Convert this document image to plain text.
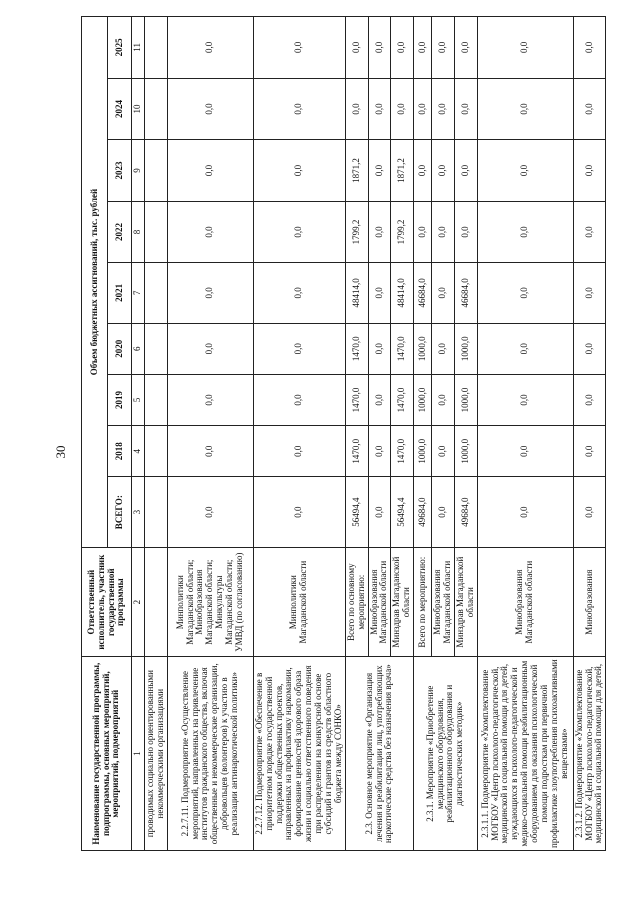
30
Наименование государственной программы, подпрограммы, основных мероприятий, мероприятий, подмероприятий	Ответственный исполнитель, участник государственной программы	Объем бюджетных ассигнований, тыс. рублей								
		ВСЕГО:	2018	2019	2020	2021	2022	2023	2024	2025
1	2	3	4	5	6	7	8	9	10	11
проводимых социально ориентированными некоммерческими организациями										
2.2.7.11. Подмероприятие «Осуществление мероприятий, направленных на привлечение институтов гражданского общества, включая общественные и некоммерческие организации, добровольцев (волонтеров) к участию в реализации антинаркотической политики»	Минполитики Магаданской области; Минобразования Магаданской области; Минкультуры Магаданской области; УМВД (по согласованию)	0,0	0,0	0,0	0,0	0,0	0,0	0,0	0,0	0,0
2.2.7.12. Подмероприятие «Обеспечение в приоритетном порядке государственной поддержки общественных проектов, направленных на профилактику наркомании, формирование ценностей здорового образа жизни и социально ответственного поведения при распределении на конкурсной основе субсидий и грантов из средств областного бюджета между СОНКО»	Минполитики Магаданской области	0,0	0,0	0,0	0,0	0,0	0,0	0,0	0,0	0,0
2.3. Основное мероприятие «Организация лечения и реабилитации лиц, употребляющих наркотические средства без назначения врача»	Всего по основному мероприятию:	56494,4	1470,0	1470,0	1470,0	48414,0	1799,2	1871,2	0,0	0,0
	Минобразования Магаданской области	0,0	0,0	0,0	0,0	0,0	0,0	0,0	0,0	0,0
	Минздрав Магаданской области	56494,4	1470,0	1470,0	1470,0	48414,0	1799,2	1871,2	0,0	0,0
2.3.1. Мероприятие «Приобретение медицинского оборудования, реабилитационного оборудования и диагностических методик»	Всего по мероприятию:	49684,0	1000,0	1000,0	1000,0	46684,0	0,0	0,0	0,0	0,0
	Минобразования Магаданской области	0,0	0,0	0,0	0,0	0,0	0,0	0,0	0,0	0,0
	Минздрав Магаданской области	49684,0	1000,0	1000,0	1000,0	46684,0	0,0	0,0	0,0	0,0
2.3.1.1. Подмероприятие «Укомплектование МОГБОУ «Центр психолого-педагогической, медицинской и социальной помощи для детей, нуждающихся в психолого-педагогической и медико-социальной помощи реабилитационным оборудованием для оказания психологической помощи подросткам при первичной профилактике злоупотребления психоактивными веществами»	Минобразования Магаданской области	0,0	0,0	0,0	0,0	0,0	0,0	0,0	0,0	0,0
2.3.1.2. Подмероприятие «Укомплектование МОГБОУ «Центр психолого-педагогической, медицинской и социальной помощи для детей,	Минобразования	0,0	0,0	0,0	0,0	0,0	0,0	0,0	0,0	0,0
